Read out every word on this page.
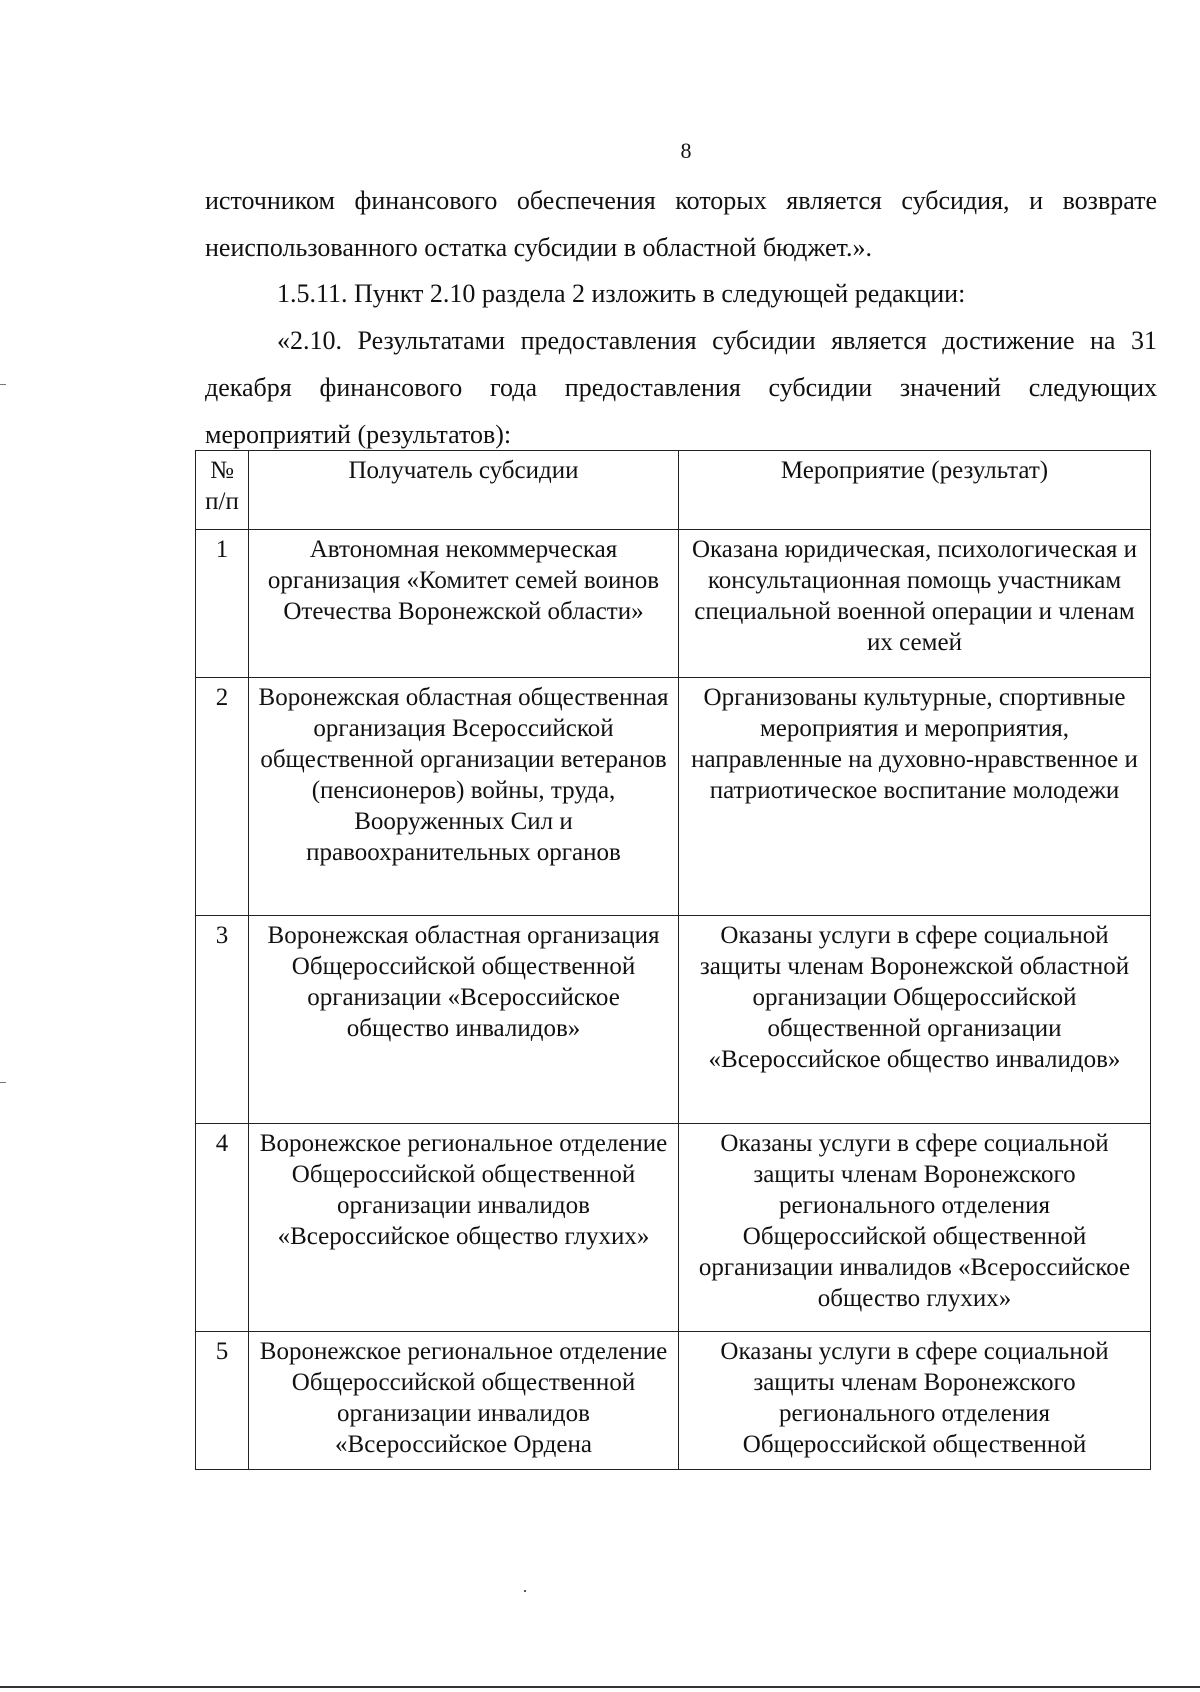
8
источником финансового обеспечения которых является субсидия, и возврате неиспользованного остатка субсидии в областной бюджет.».
1.5.11. Пункт 2.10 раздела 2 изложить в следующей редакции:
«2.10. Результатами предоставления субсидии является достижение на 31 декабря финансового года предоставления субсидии значений следующих мероприятий (результатов):
№ п/п	Получатель субсидии	Мероприятие (результат)
1	Автономная некоммерческая организация «Комитет семей воинов Отечества Воронежской области»	Оказана юридическая, психологическая и консультационная помощь участникам специальной военной операции и членам их семей
2	Воронежская областная общественная организация Всероссийской общественной организации ветеранов (пенсионеров) войны, труда, Вооруженных Сил и правоохранительных органов	Организованы культурные, спортивные мероприятия и мероприятия, направленные на духовно-нравственное и патриотическое воспитание молодежи
3	Воронежская областная организация Общероссийской общественной организации «Всероссийское общество инвалидов»	Оказаны услуги в сфере социальной защиты членам Воронежской областной организации Общероссийской общественной организации «Всероссийское общество инвалидов»
4	Воронежское региональное отделение Общероссийской общественной организации инвалидов «Всероссийское общество глухих»	Оказаны услуги в сфере социальной защиты членам Воронежского регионального отделения Общероссийской общественной организации инвалидов «Всероссийское общество глухих»
5	Воронежское региональное отделение Общероссийской общественной организации инвалидов «Всероссийское Ордена	Оказаны услуги в сфере социальной защиты членам Воронежского регионального отделения Общероссийской общественной
